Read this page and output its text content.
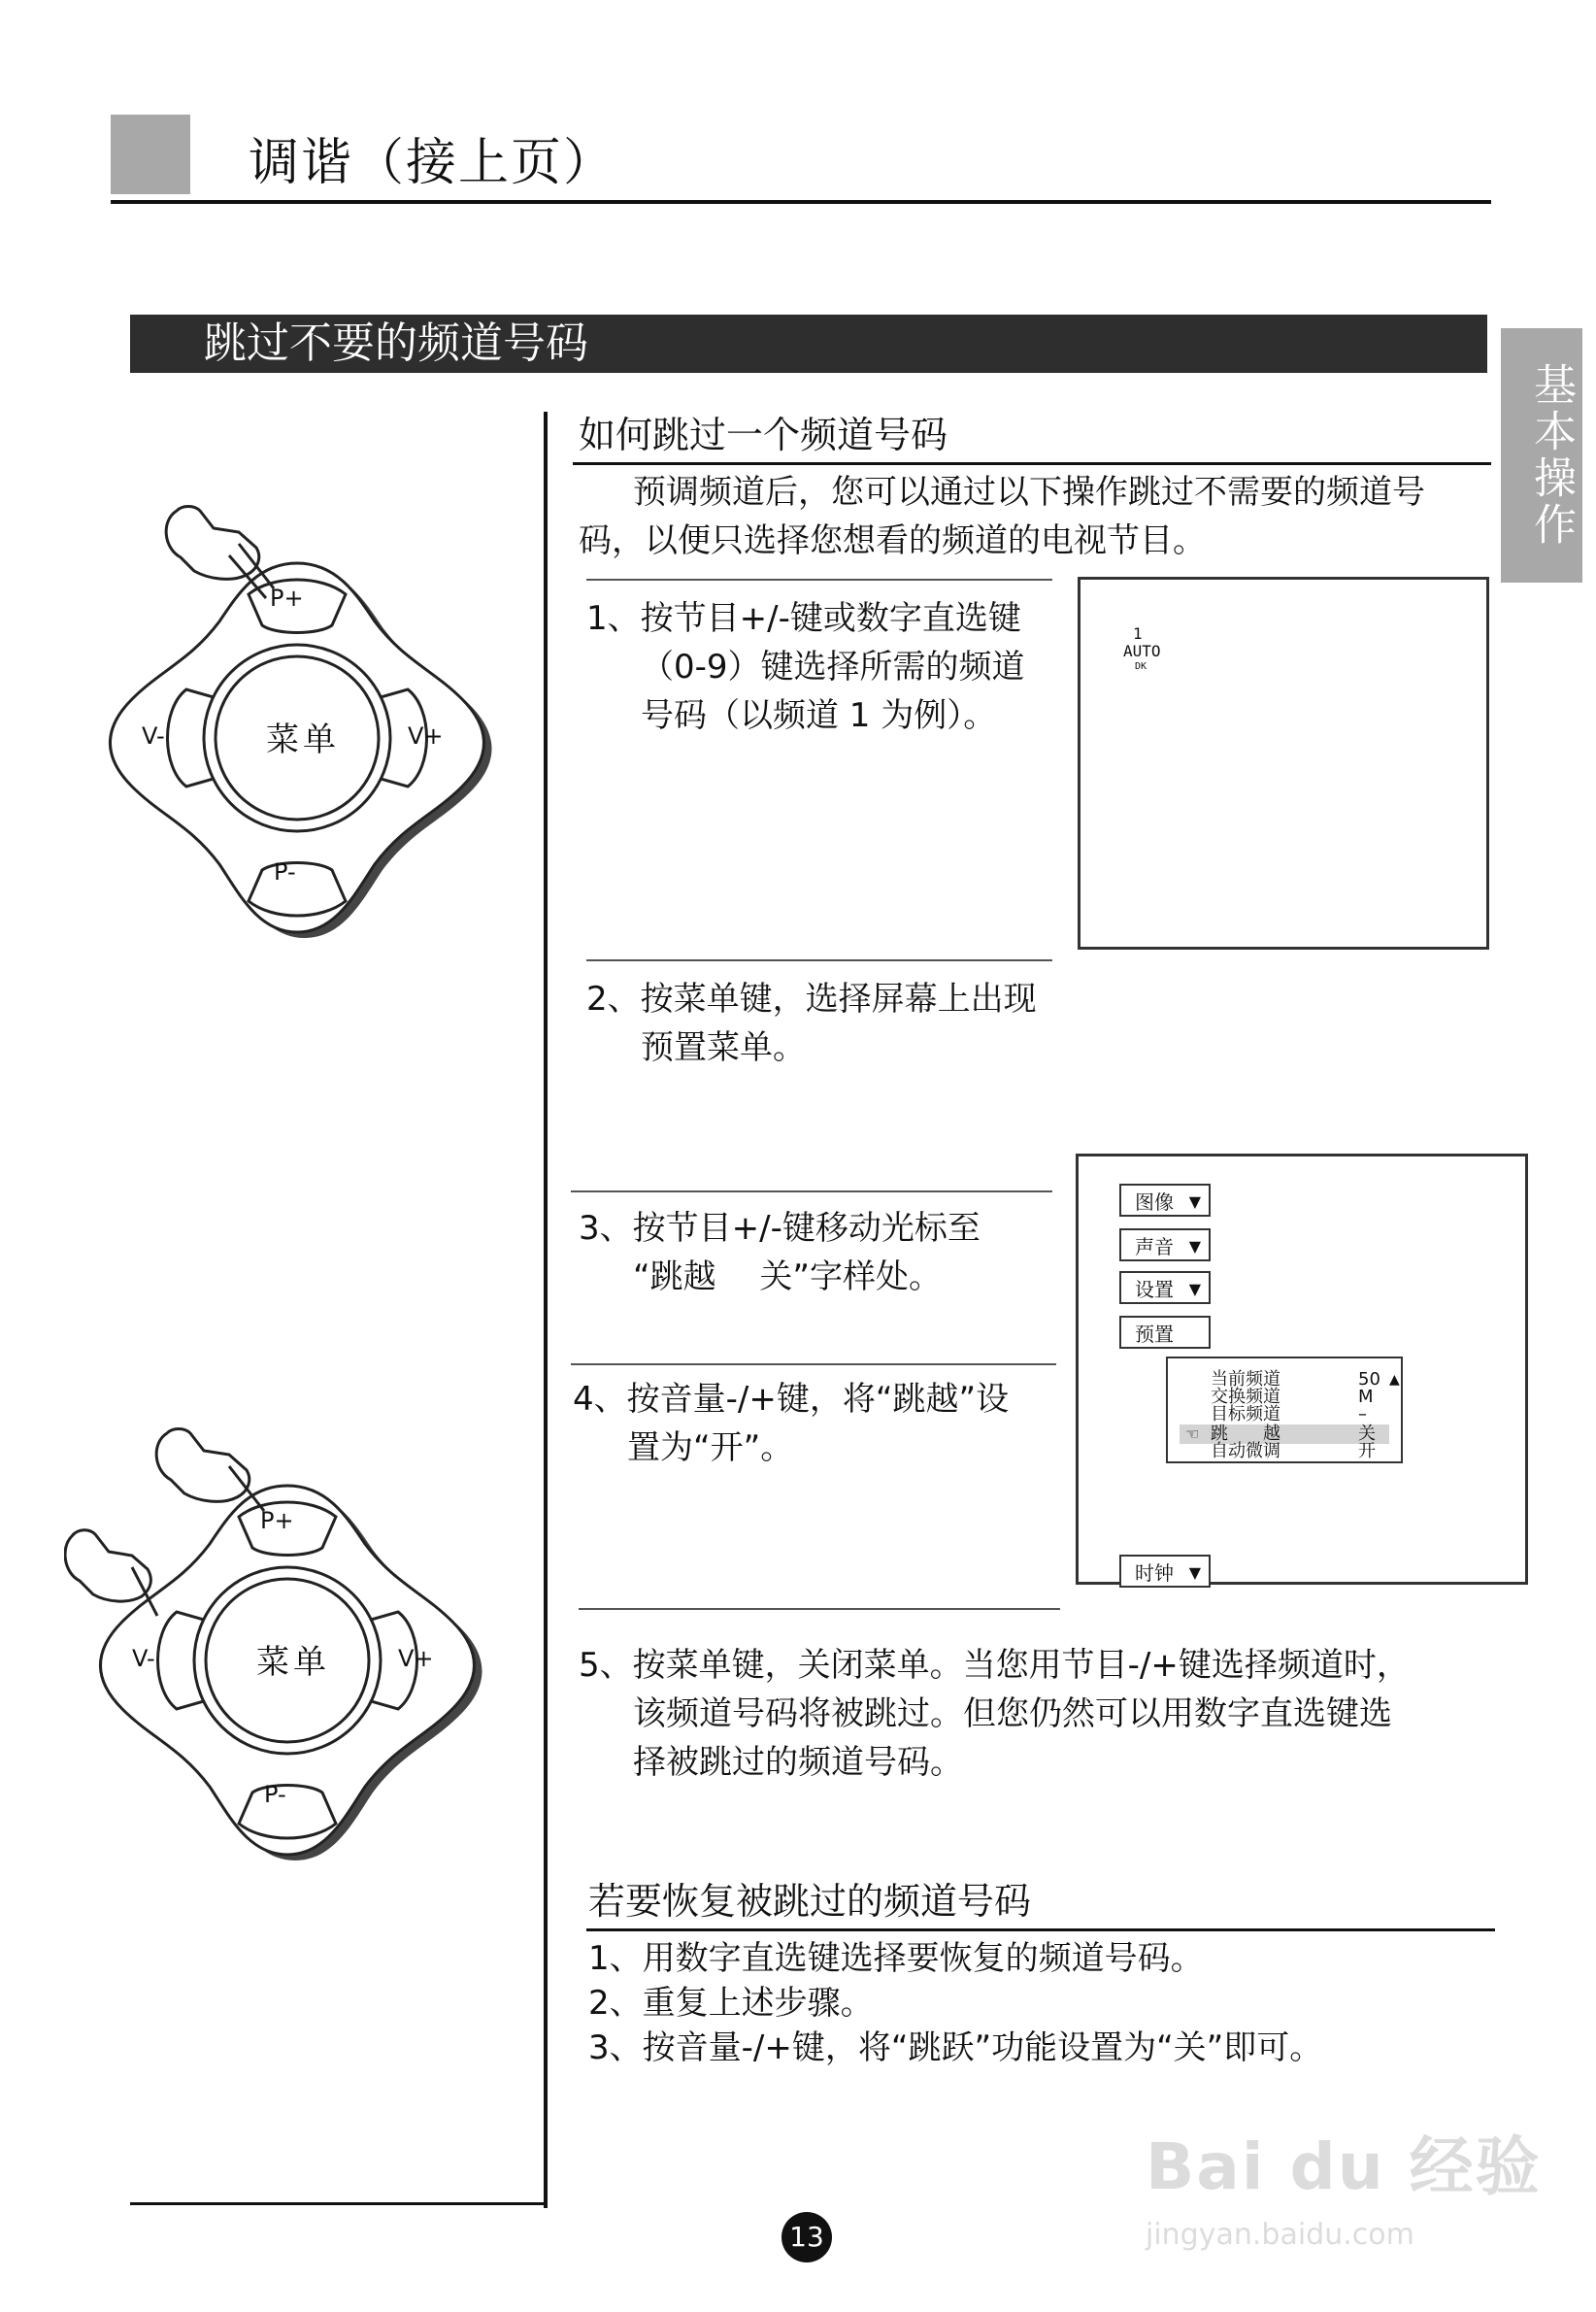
调谐（接上页）
跳过不要的频道号码
基本操作
P+
P-
V-	V+
菜单
P+
P-
V-	V+
菜单
如何跳过一个频道号码
预调频道后，您可以通过以下操作跳过不需要的频道号
码，以便只选择您想看的频道的电视节目。
1、按节目+/-键或数字直选键
（0-9）键选择所需的频道
号码（以频道 1 为例）。
1
AUTO
DK
2、按菜单键，选择屏幕上出现
预置菜单。
3、按节目+/-键移动光标至
“跳越　 关”字样处。
4、按音量-/+键，将“跳越”设
置为“开”。
图像 ▼
声音 ▼
设置 ▼
预置
时钟 ▼
当前频道	50 ▲
交换频道	M
目标频道	–
☜ 跳　　越	关
自动微调	开
5、按菜单键，关闭菜单。当您用节目-/+键选择频道时，
该频道号码将被跳过。但您仍然可以用数字直选键选
择被跳过的频道号码。
若要恢复被跳过的频道号码
1、用数字直选键选择要恢复的频道号码。
2、重复上述步骤。
3、按音量-/+键，将“跳跃”功能设置为“关”即可。
13
Bai du 经验
jingyan.baidu.com
